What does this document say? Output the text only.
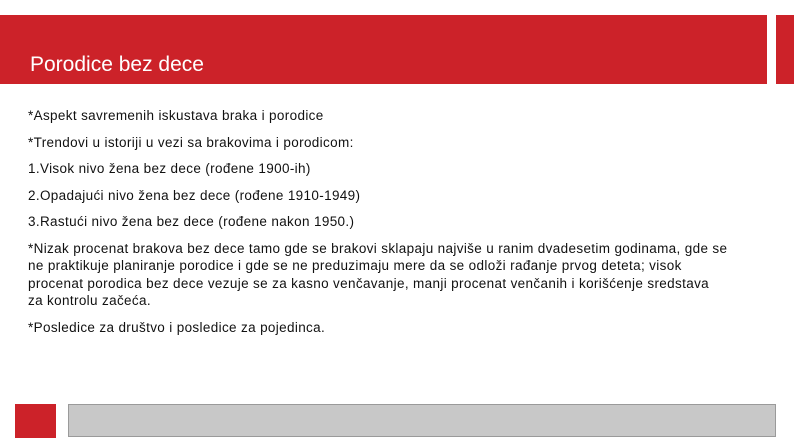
Porodice bez dece

*Aspekt savremenih iskustava braka i porodice

*Trendovi u istoriji u vezi sa brakovima i porodicom:

1.Visok nivo žena bez dece (rođene 1900-ih)

2.Opadajući nivo žena bez dece (rođene 1910-1949)

3.Rastući nivo žena bez dece (rođene nakon 1950.)

*Nizak procenat brakova bez dece tamo gde se brakovi sklapaju najviše u ranim dvadesetim godinama, gde se ne praktikuje planiranje porodice i gde se ne preduzimaju mere da se odloži rađanje prvog deteta; visok procenat porodica bez dece vezuje se za kasno venčavanje, manji procenat venčanih i korišćenje sredstava za kontrolu začeća.

*Posledice za društvo i posledice za pojedinca.
